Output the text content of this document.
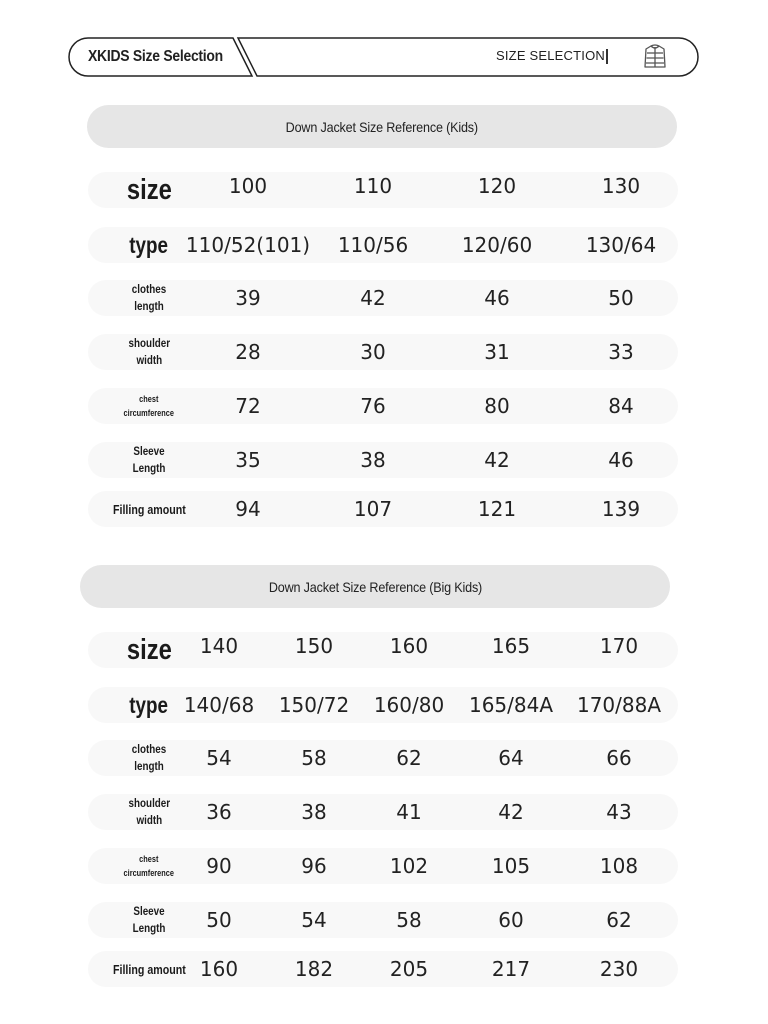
XKIDS Size Selection	SIZE SELECTION
Down Jacket Size Reference (Kids)
size	100	110	120	130
type 110/52(101) 110/56	120/60	130/64
clothes
length	39	42	46	50
shoulder
width	28	30	31	33
chest
circumference	72	76	80	84
Sleeve
Length	35	38	42	46
Filling amount 94	107	121	139
Down Jacket Size Reference (Big Kids)
size 140	150	160	165	170
type 140/68 150/72 160/80 165/84A 170/88A
clothes
length 54	58	62	64	66
shoulder
width	36	38	41	42	43
chest
circumference 90	96	102	105	108
Sleeve
Length 50	54	58	60	62
Filling amount 160	182	205	217	230
